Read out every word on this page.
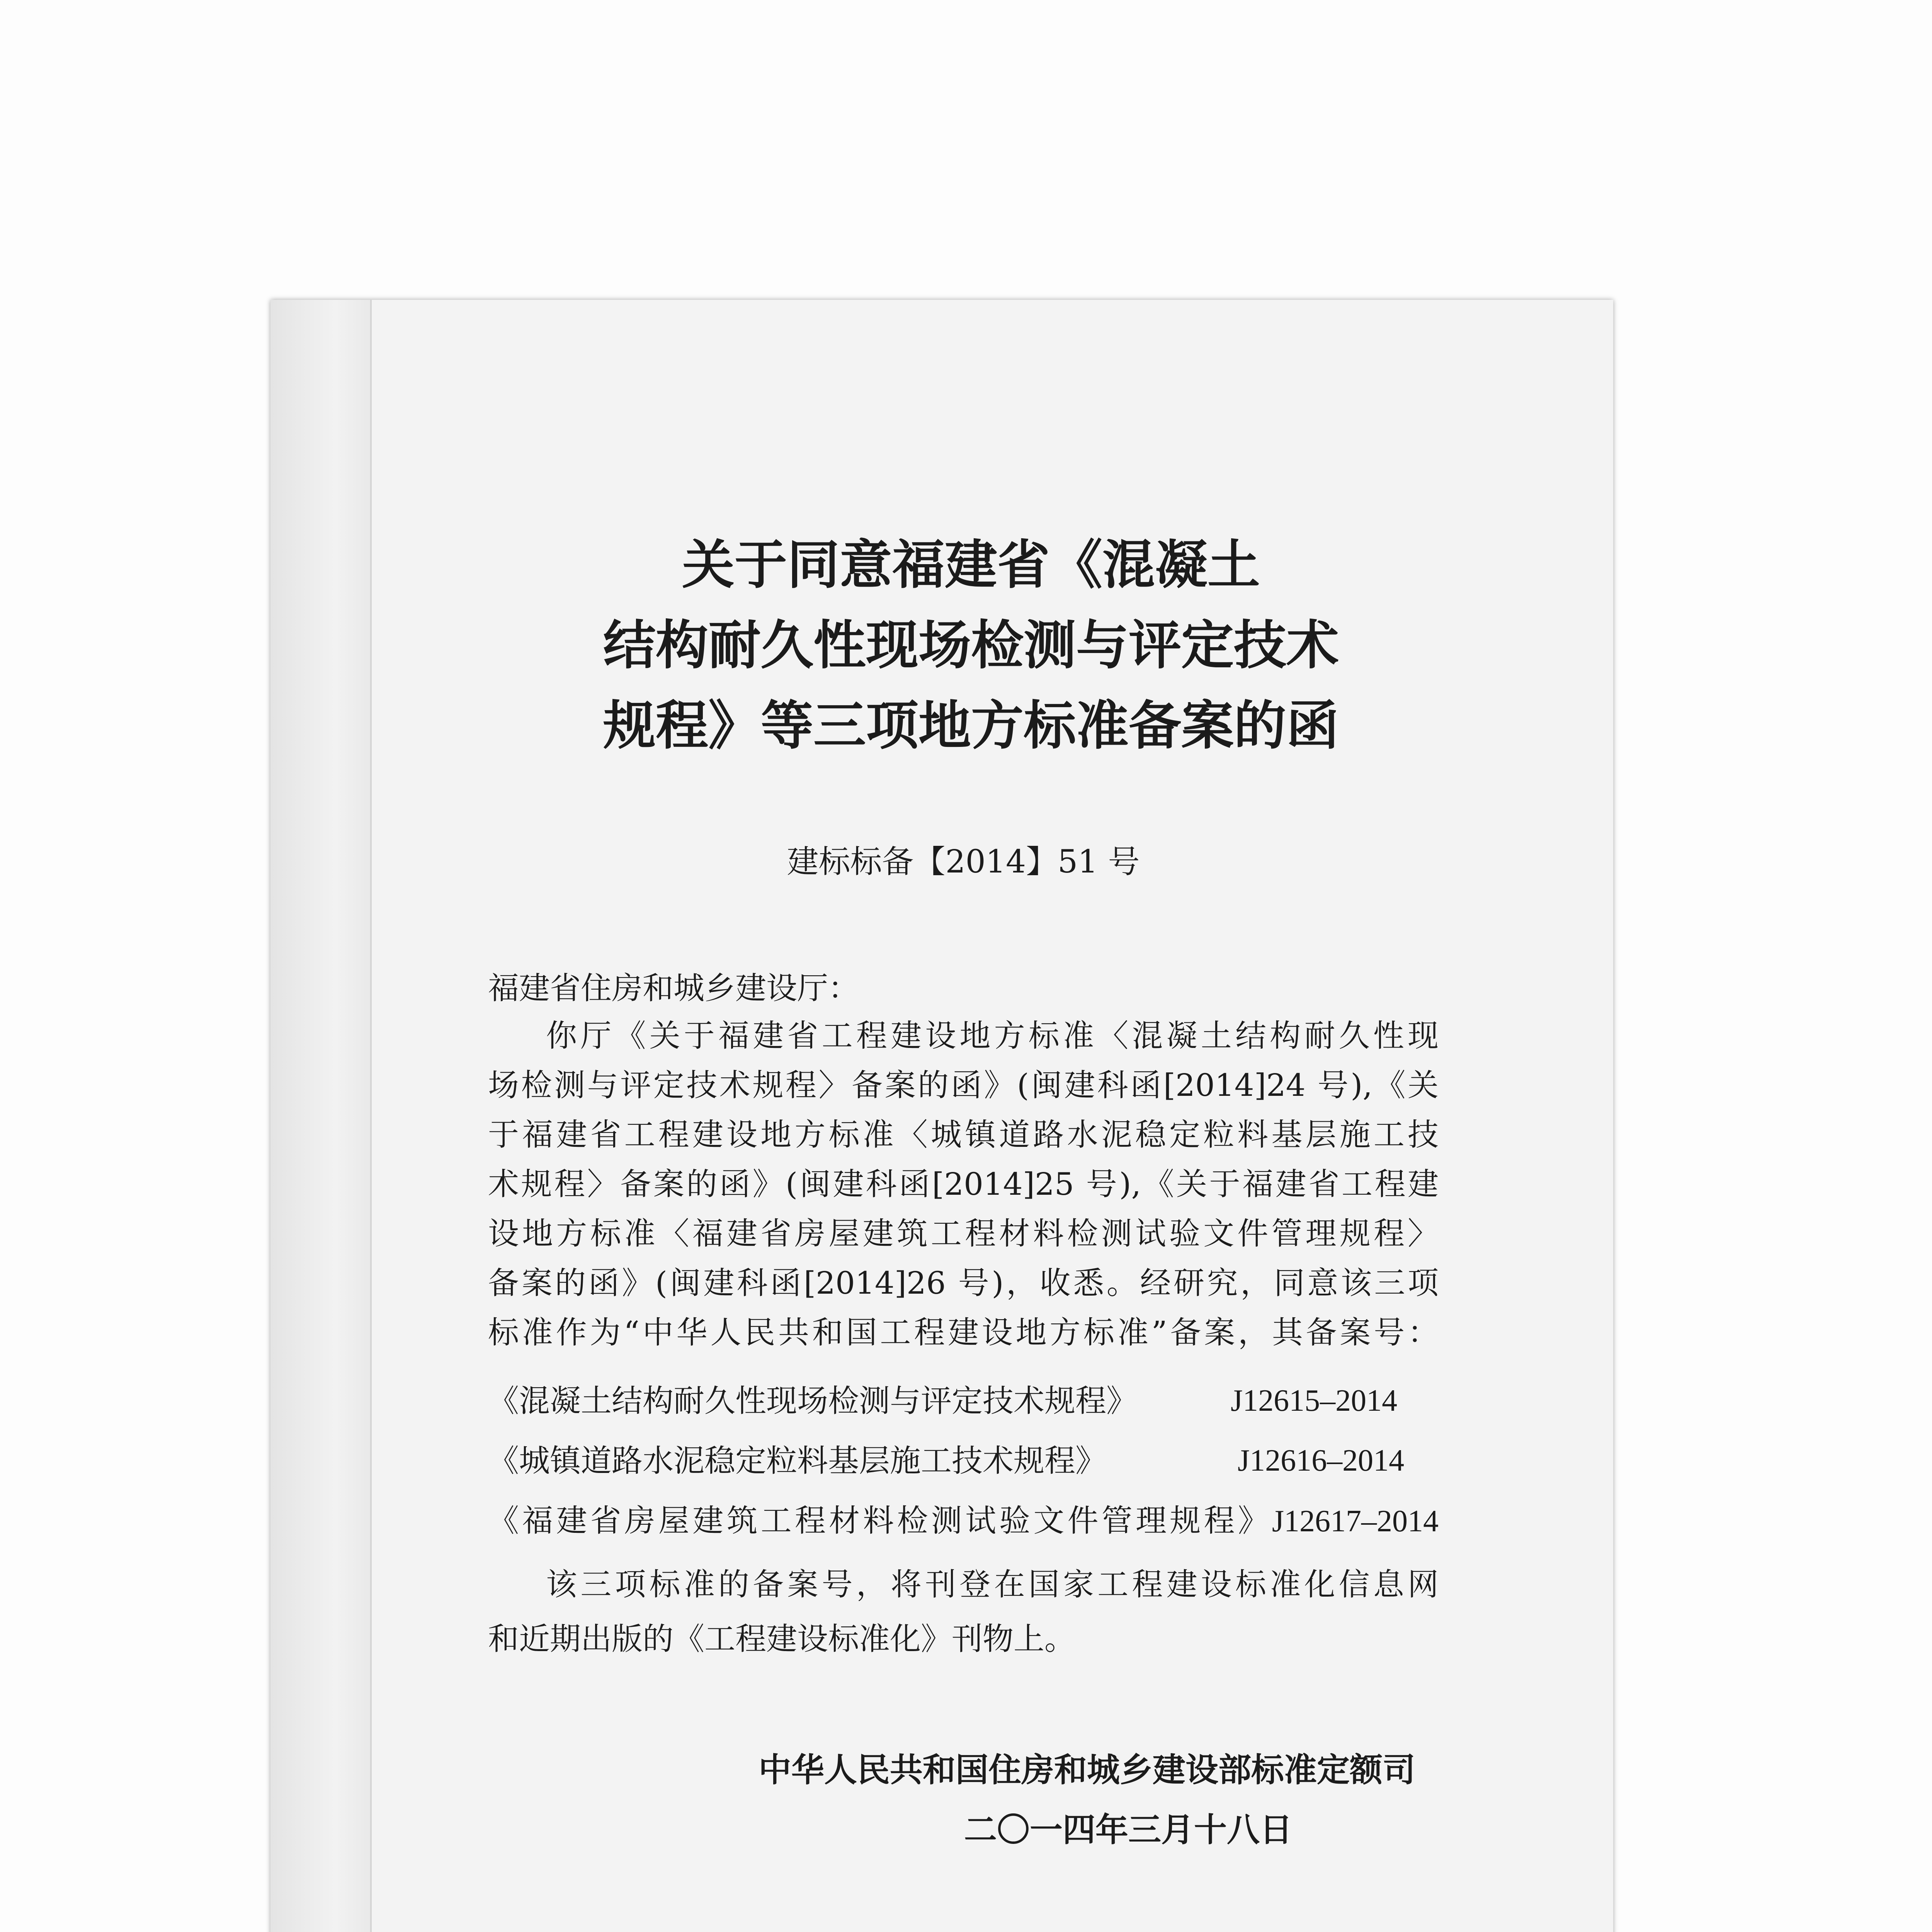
关于同意福建省《混凝土
结构耐久性现场检测与评定技术
规程》等三项地方标准备案的函
建标标备【2014】51 号
福建省住房和城乡建设厅：
你厅《关于福建省工程建设地方标准〈混凝土结构耐久性现
场检测与评定技术规程〉备案的函》(闽建科函[2014]24 号),《关
于福建省工程建设地方标准〈城镇道路水泥稳定粒料基层施工技
术规程〉备案的函》(闽建科函[2014]25 号),《关于福建省工程建
设地方标准〈福建省房屋建筑工程材料检测试验文件管理规程〉
备案的函》(闽建科函[2014]26 号)，收悉。经研究，同意该三项
标准作为“中华人民共和国工程建设地方标准”备案，其备案号：
《混凝土结构耐久性现场检测与评定技术规程》	J12615–2014
《城镇道路水泥稳定粒料基层施工技术规程》	J12616–2014
《福建省房屋建筑工程材料检测试验文件管理规程》J12617–2014
该三项标准的备案号，将刊登在国家工程建设标准化信息网
和近期出版的《工程建设标准化》刊物上。
中华人民共和国住房和城乡建设部标准定额司
二〇一四年三月十八日
